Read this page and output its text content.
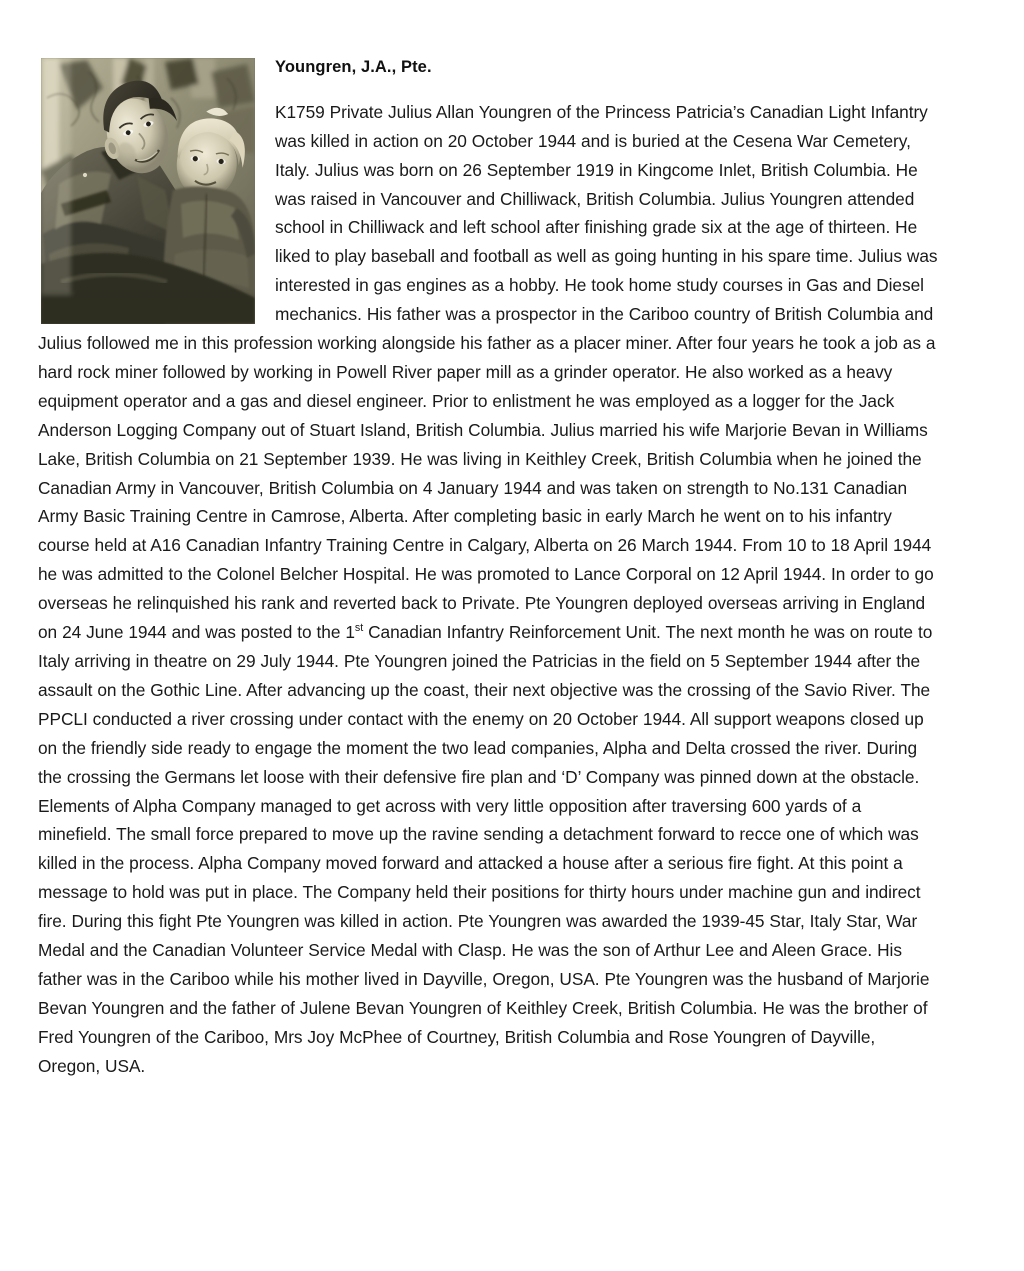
Youngren, J.A., Pte.

K1759 Private Julius Allan Youngren of the Princess Patricia’s Canadian Light Infantry was killed in action on 20 October 1944 and is buried at the Cesena War Cemetery, Italy. Julius was born on 26 September 1919 in Kingcome Inlet, British Columbia. He was raised in Vancouver and Chilliwack, British Columbia. Julius Youngren attended school in Chilliwack and left school after finishing grade six at the age of thirteen. He liked to play baseball and football as well as going hunting in his spare time. Julius was interested in gas engines as a hobby. He took home study courses in Gas and Diesel mechanics. His father was a prospector in the Cariboo country of British Columbia and Julius followed me in this profession working alongside his father as a placer miner. After four years he took a job as a hard rock miner followed by working in Powell River paper mill as a grinder operator. He also worked as a heavy equipment operator and a gas and diesel engineer. Prior to enlistment he was employed as a logger for the Jack Anderson Logging Company out of Stuart Island, British Columbia. Julius married his wife Marjorie Bevan in Williams Lake, British Columbia on 21 September 1939. He was living in Keithley Creek, British Columbia when he joined the Canadian Army in Vancouver, British Columbia on 4 January 1944 and was taken on strength to No.131 Canadian Army Basic Training Centre in Camrose, Alberta. After completing basic in early March he went on to his infantry course held at A16 Canadian Infantry Training Centre in Calgary, Alberta on 26 March 1944. From 10 to 18 April 1944 he was admitted to the Colonel Belcher Hospital. He was promoted to Lance Corporal on 12 April 1944. In order to go overseas he relinquished his rank and reverted back to Private. Pte Youngren deployed overseas arriving in England on 24 June 1944 and was posted to the 1st Canadian Infantry Reinforcement Unit. The next month he was on route to Italy arriving in theatre on 29 July 1944. Pte Youngren joined the Patricias in the field on 5 September 1944 after the assault on the Gothic Line. After advancing up the coast, their next objective was the crossing of the Savio River. The PPCLI conducted a river crossing under contact with the enemy on 20 October 1944. All support weapons closed up on the friendly side ready to engage the moment the two lead companies, Alpha and Delta crossed the river. During the crossing the Germans let loose with their defensive fire plan and ‘D’ Company was pinned down at the obstacle. Elements of Alpha Company managed to get across with very little opposition after traversing 600 yards of a minefield. The small force prepared to move up the ravine sending a detachment forward to recce one of which was killed in the process. Alpha Company moved forward and attacked a house after a serious fire fight. At this point a message to hold was put in place. The Company held their positions for thirty hours under machine gun and indirect fire. During this fight Pte Youngren was killed in action. Pte Youngren was awarded the 1939-45 Star, Italy Star, War Medal and the Canadian Volunteer Service Medal with Clasp. He was the son of Arthur Lee and Aleen Grace. His father was in the Cariboo while his mother lived in Dayville, Oregon, USA. Pte Youngren was the husband of Marjorie Bevan Youngren and the father of Julene Bevan Youngren of Keithley Creek, British Columbia. He was the brother of Fred Youngren of the Cariboo, Mrs Joy McPhee of Courtney, British Columbia and Rose Youngren of Dayville, Oregon, USA.
